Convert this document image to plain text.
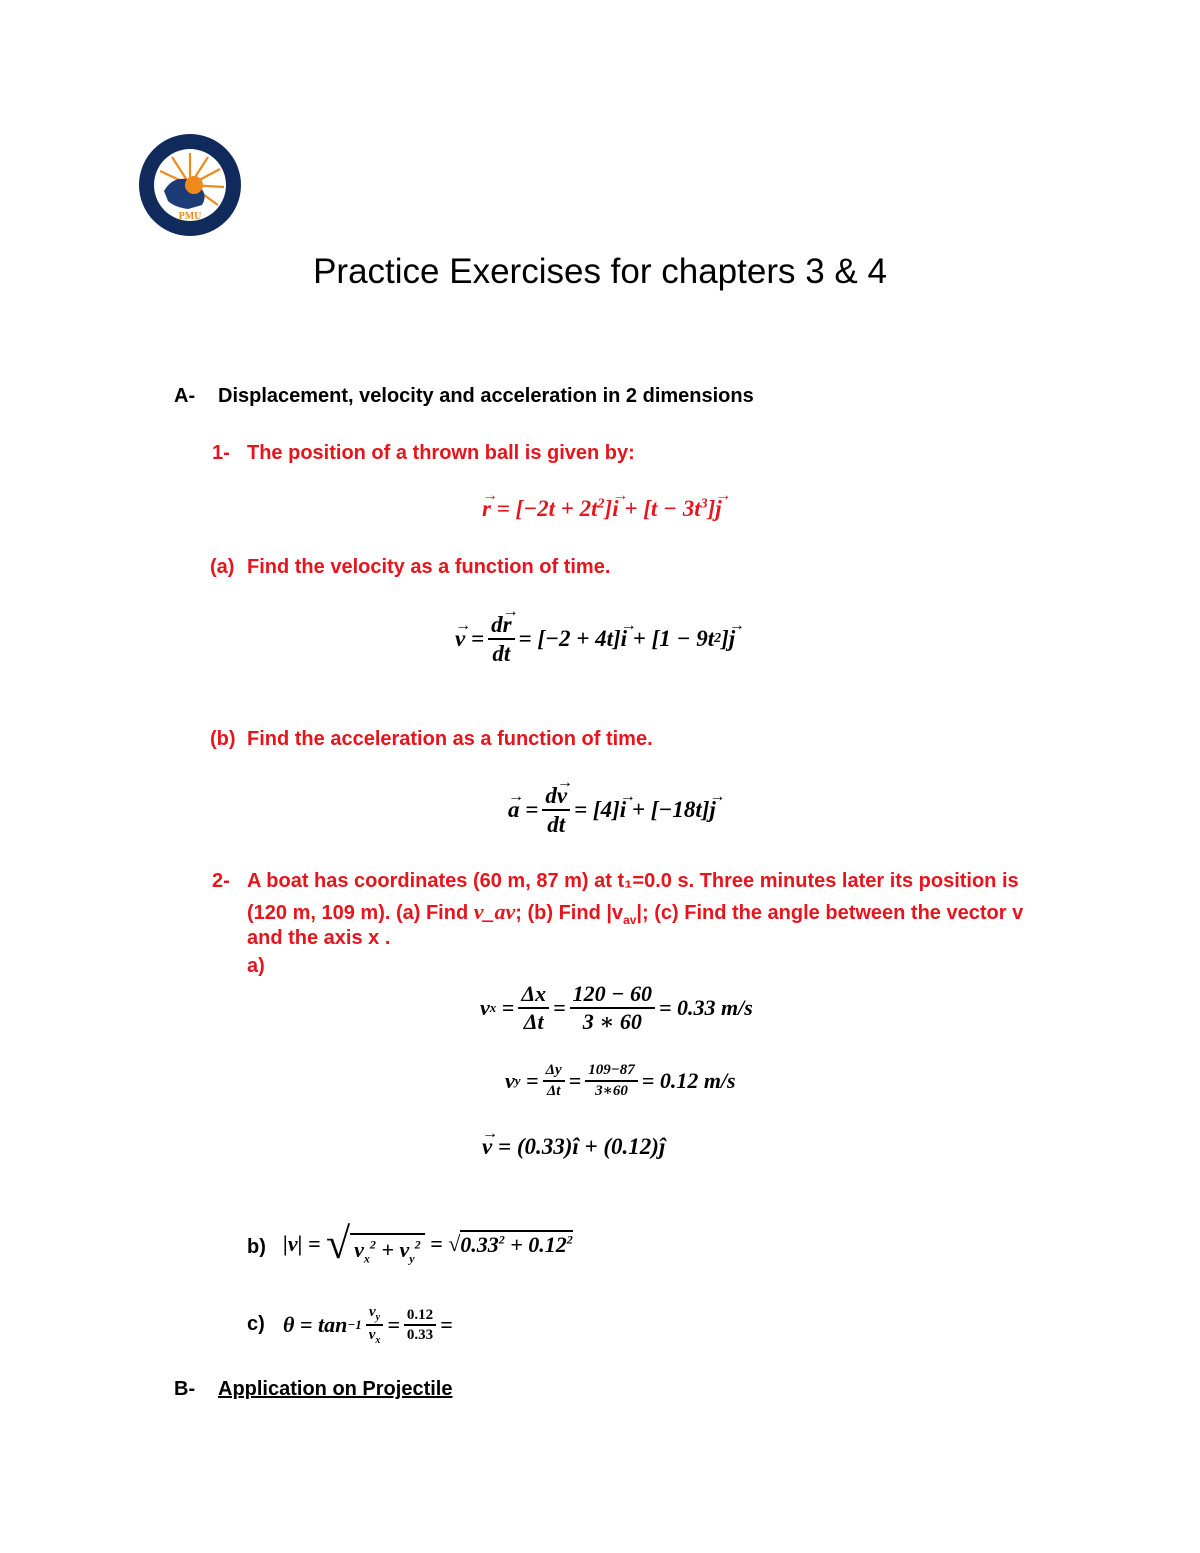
PMU
Practice Exercises for chapters 3 & 4
A- Displacement, velocity and acceleration in 2 dimensions
1- The position of a thrown ball is given by:
→ $r = [-2t + 2t^2]\to i + [t - 3t^3]\to j$
(a) Find the velocity as a function of time.
→ $v = \frac{d\to r}{dt} = [-2 + 4t]$
→ i + [1 − 9t 2 ]
→ j
(b) Find the acceleration as a function of time.
→ $a = \frac{d\to v}{dt} = [4]$
→ i + [−18t]
→ j
2- A boat has coordinates (60 m, 87 m) at t₁=0.0 s. Three minutes later its position is
(120 m, 109 m). (a) Find v_av; (b) Find $|v_{av}|$; (c) Find the angle between the vector v
and the axis x .
a)
v $x = \frac{\Delta x}{\Delta t} = \frac{120 - 60}{3 ∗ 60} = 0.33$ m/s
v $y = \frac{\Delta y}{\Delta t} = \frac{109-87}{3∗60} = 0.12$ m/s
→ v = (0.33)î + (0.12)ĵ
b) |v| = √ $v_x^2 + v_y^2$ = √ $0.33^2 + 0.12^2$
c) $\theta = \tan -1 \frac{v_y}{v_x} = \frac{0.12}{0.33}$ =
B- Application on Projectile
